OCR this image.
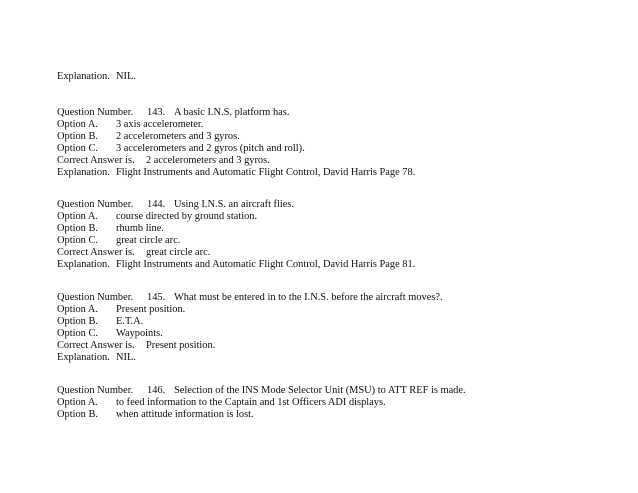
Explanation. NIL.
Question Number. 143. A basic I.N.S. platform has.
Option A. 3 axis accelerometer.
Option B. 2 accelerometers and 3 gyros.
Option C. 3 accelerometers and 2 gyros (pitch and roll).
Correct Answer is. 2 accelerometers and 3 gyros.
Explanation. Flight Instruments and Automatic Flight Control, David Harris Page 78.
Question Number. 144. Using I.N.S. an aircraft flies.
Option A. course directed by ground station.
Option B. rhumb line.
Option C. great circle arc.
Correct Answer is. great circle arc.
Explanation. Flight Instruments and Automatic Flight Control, David Harris Page 81.
Question Number. 145. What must be entered in to the I.N.S. before the aircraft moves?.
Option A. Present position.
Option B. E.T.A.
Option C. Waypoints.
Correct Answer is. Present position.
Explanation. NIL.
Question Number. 146. Selection of the INS Mode Selector Unit (MSU) to ATT REF is made.
Option A. to feed information to the Captain and 1st Officers ADI displays.
Option B. when attitude information is lost.
